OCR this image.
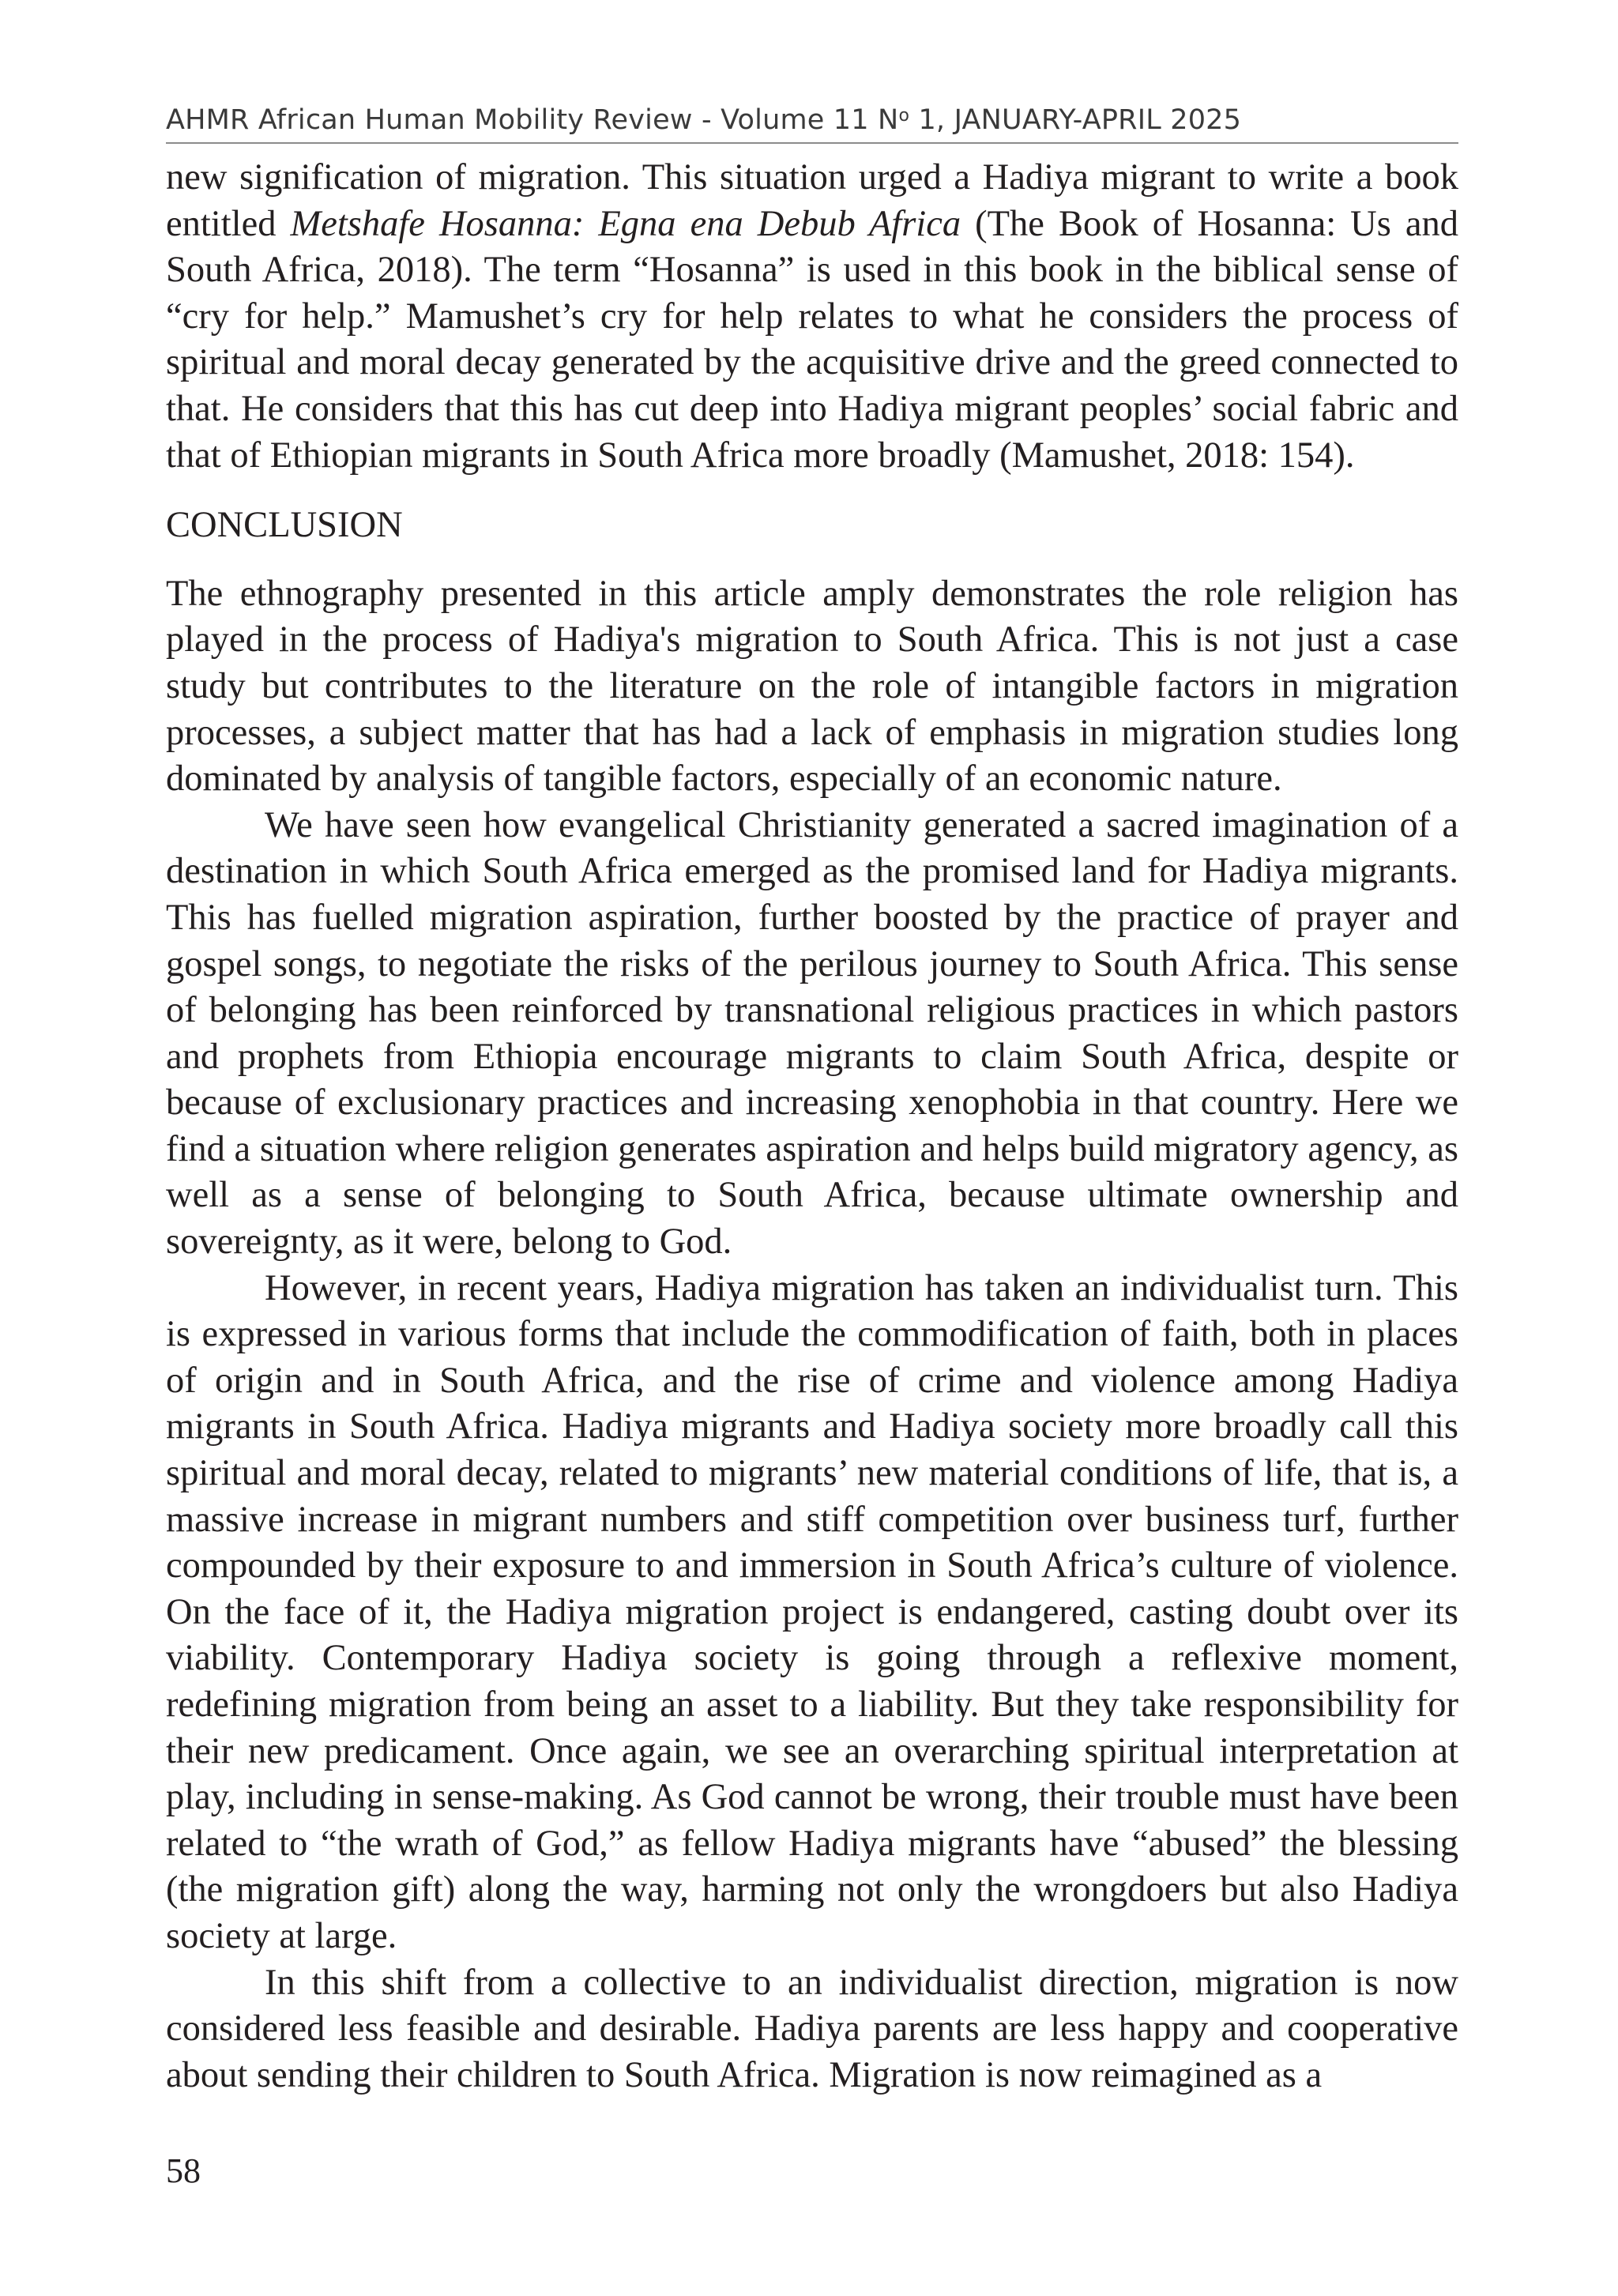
AHMR African Human Mobility Review - Volume 11 $N^o$ 1, JANUARY-APRIL 2025

new signification of migration. This situation urged a Hadiya migrant to write a book entitled Metshafe Hosanna: Egna ena Debub Africa (The Book of Hosanna: Us and South Africa, 2018). The term “Hosanna” is used in this book in the biblical sense of “cry for help.” Mamushet’s cry for help relates to what he considers the process of spiritual and moral decay generated by the acquisitive drive and the greed connected to that. He considers that this has cut deep into Hadiya migrant peoples’ social fabric and that of Ethiopian migrants in South Africa more broadly (Mamushet, 2018: 154).

CONCLUSION

The ethnography presented in this article amply demonstrates the role religion has played in the process of Hadiya's migration to South Africa. This is not just a case study but contributes to the literature on the role of intangible factors in migration processes, a subject matter that has had a lack of emphasis in migration studies long dominated by analysis of tangible factors, especially of an economic nature.

We have seen how evangelical Christianity generated a sacred imagination of a destination in which South Africa emerged as the promised land for Hadiya migrants. This has fuelled migration aspiration, further boosted by the practice of prayer and gospel songs, to negotiate the risks of the perilous journey to South Africa. This sense of belonging has been reinforced by transnational religious practices in which pastors and prophets from Ethiopia encourage migrants to claim South Africa, despite or because of exclusionary practices and increasing xenophobia in that country. Here we find a situation where religion generates aspiration and helps build migratory agency, as well as a sense of belonging to South Africa, because ultimate ownership and sovereignty, as it were, belong to God.

However, in recent years, Hadiya migration has taken an individualist turn. This is expressed in various forms that include the commodification of faith, both in places of origin and in South Africa, and the rise of crime and violence among Hadiya migrants in South Africa. Hadiya migrants and Hadiya society more broadly call this spiritual and moral decay, related to migrants’ new material conditions of life, that is, a massive increase in migrant numbers and stiff competition over business turf, further compounded by their exposure to and immersion in South Africa’s culture of violence. On the face of it, the Hadiya migration project is endangered, casting doubt over its viability. Contemporary Hadiya society is going through a reflexive moment, redefining migration from being an asset to a liability. But they take responsibility for their new predicament. Once again, we see an overarching spiritual interpretation at play, including in sense-making. As God cannot be wrong, their trouble must have been related to “the wrath of God,” as fellow Hadiya migrants have “abused” the blessing (the migration gift) along the way, harming not only the wrongdoers but also Hadiya society at large.

In this shift from a collective to an individualist direction, migration is now considered less feasible and desirable. Hadiya parents are less happy and cooperative about sending their children to South Africa. Migration is now reimagined as a

58
